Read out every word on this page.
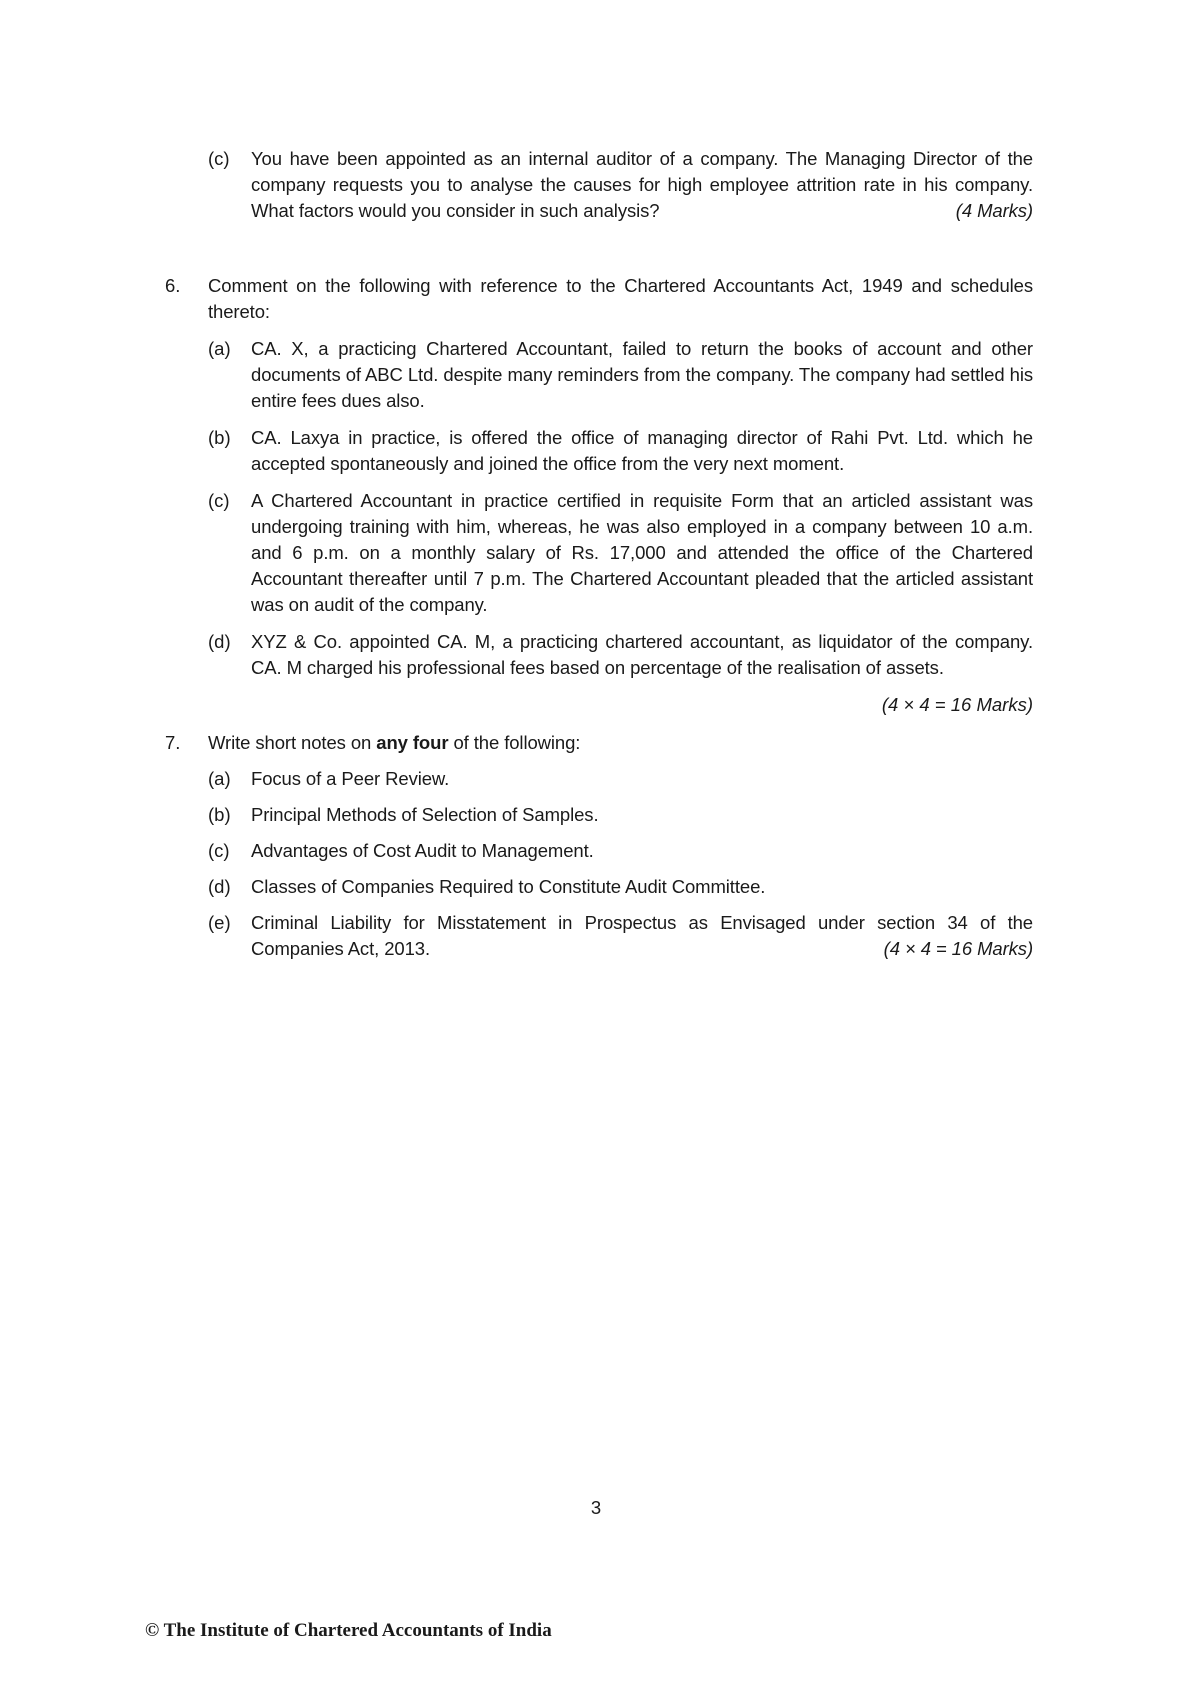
(c) You have been appointed as an internal auditor of a company. The Managing Director of the company requests you to analyse the causes for high employee attrition rate in his company. What factors would you consider in such analysis?	(4 Marks)
6. Comment on the following with reference to the Chartered Accountants Act, 1949 and schedules thereto:
(a) CA. X, a practicing Chartered Accountant, failed to return the books of account and other documents of ABC Ltd. despite many reminders from the company. The company had settled his entire fees dues also.
(b) CA. Laxya in practice, is offered the office of managing director of Rahi Pvt. Ltd. which he accepted spontaneously and joined the office from the very next moment.
(c) A Chartered Accountant in practice certified in requisite Form that an articled assistant was undergoing training with him, whereas, he was also employed in a company between 10 a.m. and 6 p.m. on a monthly salary of Rs. 17,000 and attended the office of the Chartered Accountant thereafter until 7 p.m. The Chartered Accountant pleaded that the articled assistant was on audit of the company.
(d) XYZ & Co. appointed CA. M, a practicing chartered accountant, as liquidator of the company. CA. M charged his professional fees based on percentage of the realisation of assets.
(4 × 4 = 16 Marks)
7. Write short notes on any four of the following:
(a) Focus of a Peer Review.
(b) Principal Methods of Selection of Samples.
(c) Advantages of Cost Audit to Management.
(d) Classes of Companies Required to Constitute Audit Committee.
(e) Criminal Liability for Misstatement in Prospectus as Envisaged under section 34 of the Companies Act, 2013.	(4 × 4 = 16 Marks)
3
© The Institute of Chartered Accountants of India
